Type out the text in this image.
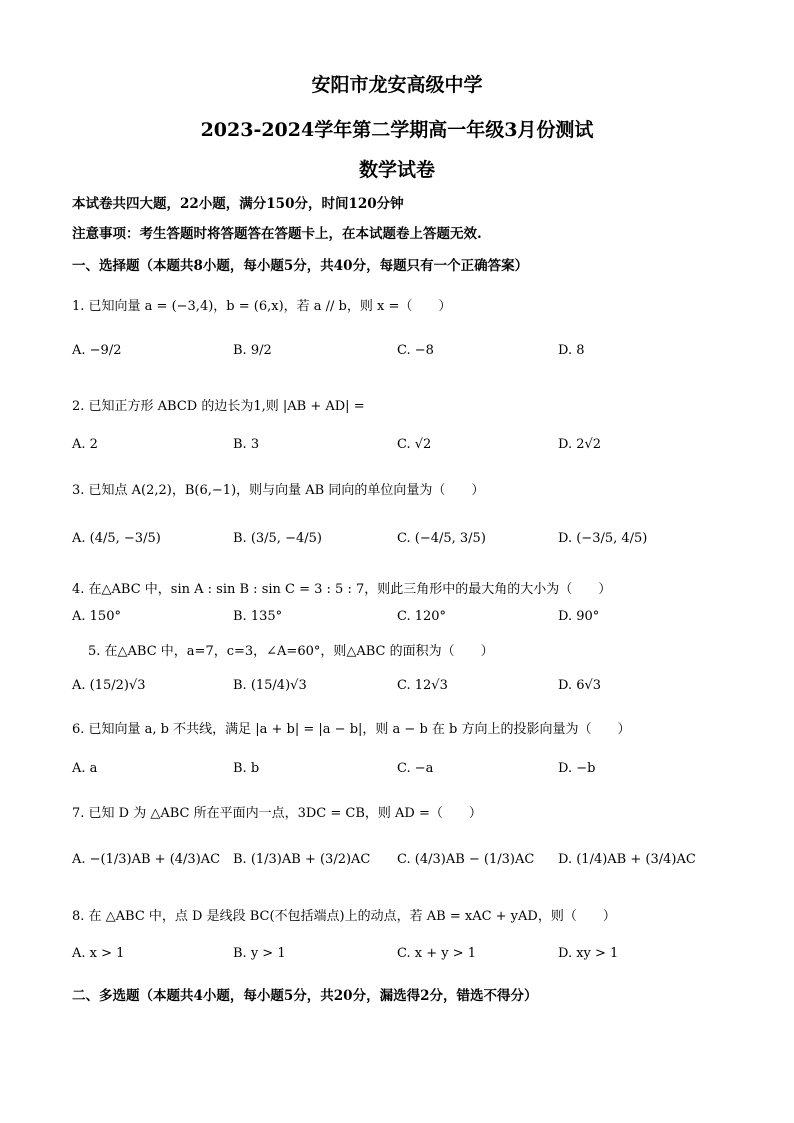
安阳市龙安高级中学
2023-2024学年第二学期高一年级3月份测试
数学试卷
本试卷共四大题，22小题，满分150分，时间120分钟
注意事项：考生答题时将答题答在答题卡上，在本试题卷上答题无效.
一、选择题（本题共8小题，每小题5分，共40分，每题只有一个正确答案）
1. 已知向量 a = (−3,4)，b = (6,x)，若 a // b，则 x =（　　）
A. −9/2	B. 9/2	C. −8	D. 8
2. 已知正方形 ABCD 的边长为1,则 |AB + AD| =
A. 2	B. 3	C. √2	D. 2√2
3. 已知点 A(2,2)，B(6,−1)，则与向量 AB 同向的单位向量为（　　）
A. (4/5, −3/5)	B. (3/5, −4/5)	C. (−4/5, 3/5)	D. (−3/5, 4/5)
4. 在△ABC 中，sin A : sin B : sin C = 3 : 5 : 7，则此三角形中的最大角的大小为（　　）
A. 150°	B. 135°	C. 120°	D. 90°
5. 在△ABC 中，a=7，c=3，∠A=60°，则△ABC 的面积为（　　）
A. (15/2)√3	B. (15/4)√3	C. 12√3	D. 6√3
6. 已知向量 a, b 不共线，满足 |a + b| = |a − b|，则 a − b 在 b 方向上的投影向量为（　　）
A. a	B. b	C. −a	D. −b
7. 已知 D 为 △ABC 所在平面内一点，3DC = CB，则 AD =（　　）
A. −(1/3)AB + (4/3)AC B. (1/3)AB + (3/2)AC C. (4/3)AB − (1/3)AC D. (1/4)AB + (3/4)AC
8. 在 △ABC 中，点 D 是线段 BC(不包括端点)上的动点，若 AB = xAC + yAD，则（　　）
A. x > 1	B. y > 1	C. x + y > 1	D. xy > 1
二、多选题（本题共4小题，每小题5分，共20分，漏选得2分，错选不得分）
